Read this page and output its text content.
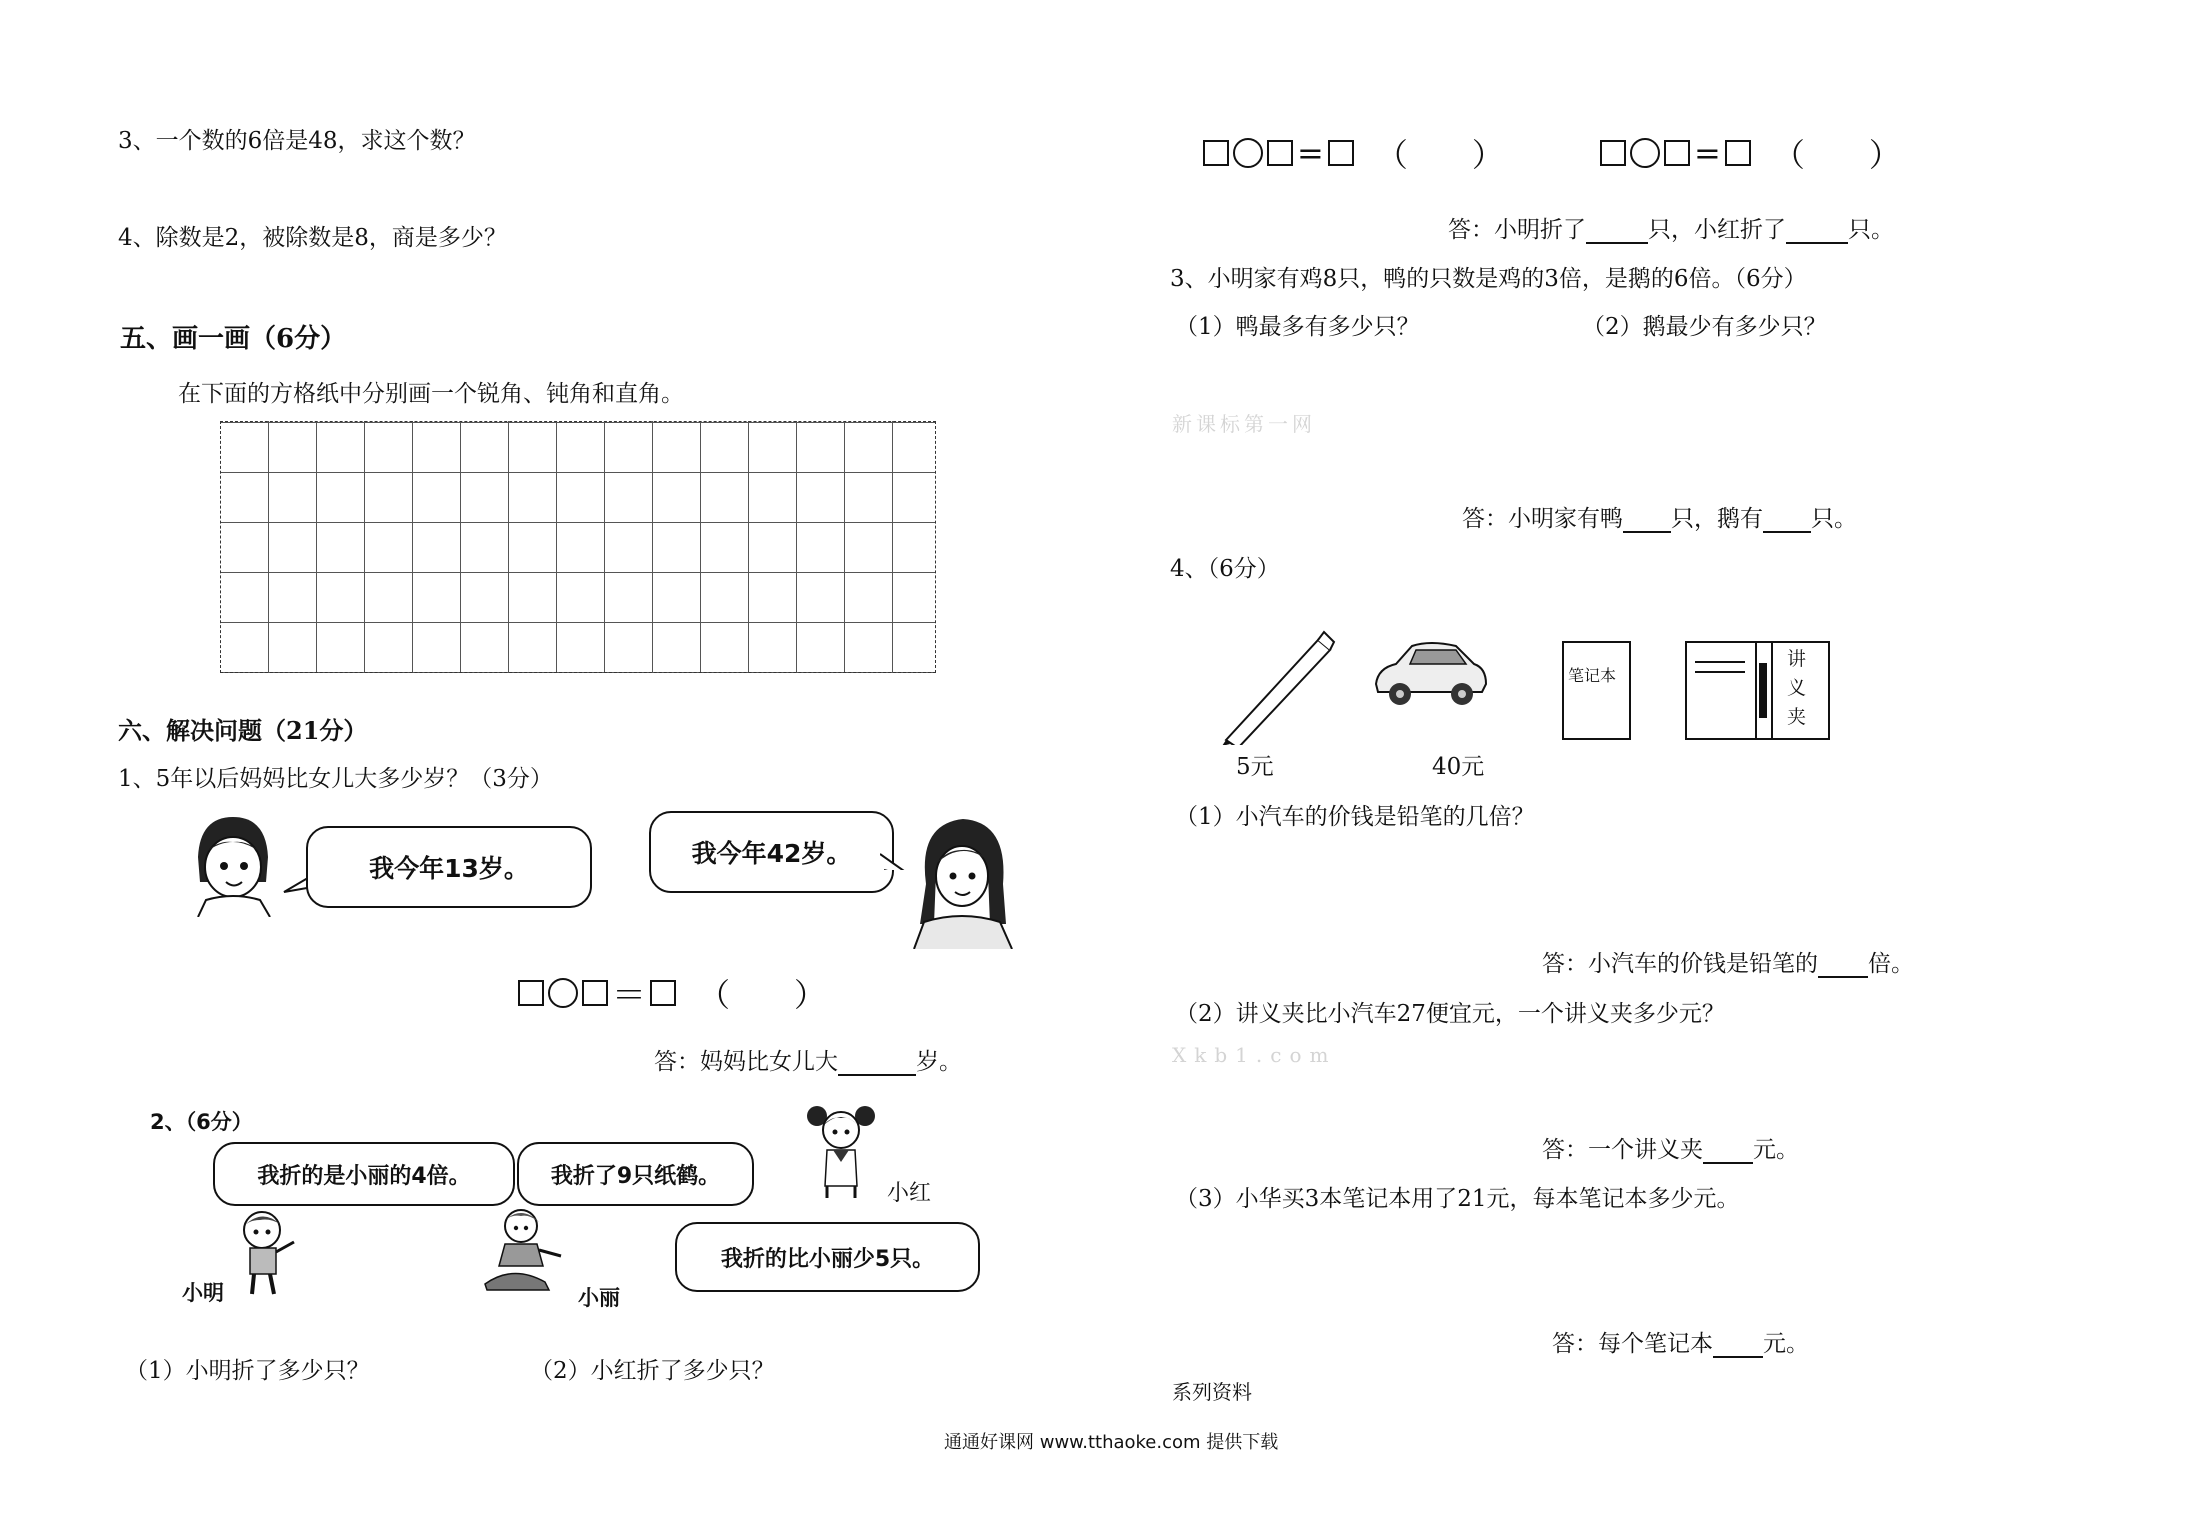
3、一个数的6倍是48，求这个数？
4、除数是2，被除数是8，商是多少？
五、画一画（6分）
在下面的方格纸中分别画一个锐角、钝角和直角。
六、解决问题（21分）
1、5年以后妈妈比女儿大多少岁？（3分）
我今年13岁。
我今年42岁。
＝ （　　）
答：妈妈比女儿大	岁。
2、（6分）
我折的是小丽的4倍。	我折了9只纸鹤。
我折的比小丽少5只。
小明	小丽
小红
（1）小明折了多少只？	（2）小红折了多少只？
= （　　）	= （　　）
答：小明折了	只，小红折了	只。
3、小明家有鸡8只，鸭的只数是鸡的3倍，是鹅的6倍。（6分）
（1）鸭最多有多少只？	（2）鹅最少有多少只？
新课标第一网
答：小明家有鸭 只，鹅有 只。
4、（6分）
笔记本
讲
义
夹
5元	40元
（1）小汽车的价钱是铅笔的几倍？
答：小汽车的价钱是铅笔的 倍。
（2）讲义夹比小汽车27便宜元，一个讲义夹多少元？
Xkb1.com
答：一个讲义夹 元。
（3）小华买3本笔记本用了21元，每本笔记本多少元。
答：每个笔记本 元。
系列资料
通通好课网 www.tthaoke.com 提供下载
